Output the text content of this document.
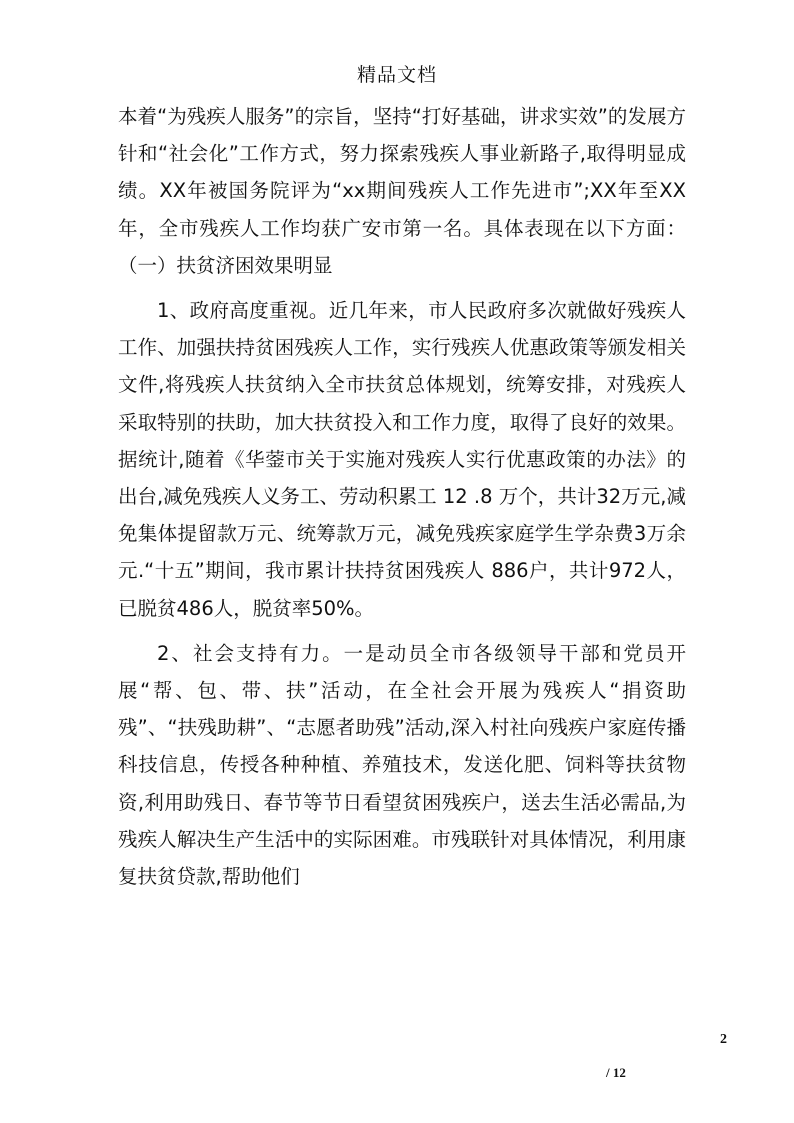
精品文档

本着“为残疾人服务”的宗旨，坚持“打好基础，讲求实效”的发展方针和“社会化”工作方式，努力探索残疾人事业新路子,取得明显成绩。XX年被国务院评为“xx期间残疾人工作先进市”;XX年至XX年，全市残疾人工作均获广安市第一名。具体表现在以下方面： （一）扶贫济困效果明显

1、政府高度重视。近几年来，市人民政府多次就做好残疾人工作、加强扶持贫困残疾人工作，实行残疾人优惠政策等颁发相关文件,将残疾人扶贫纳入全市扶贫总体规划，统筹安排，对残疾人采取特别的扶助，加大扶贫投入和工作力度，取得了良好的效果。据统计,随着《华蓥市关于实施对残疾人实行优惠政策的办法》的出台,减免残疾人义务工、劳动积累工 12 .8 万个，共计32万元,减免集体提留款万元、统筹款万元，减免残疾家庭学生学杂费3万余元.“十五”期间，我市累计扶持贫困残疾人 886户，共计972人，已脱贫486人，脱贫率50%。

2、社会支持有力。一是动员全市各级领导干部和党员开展“帮、包、带、扶”活动，在全社会开展为残疾人“捐资助残”、“扶残助耕”、“志愿者助残”活动,深入村社向残疾户家庭传播科技信息，传授各种种植、养殖技术，发送化肥、饲料等扶贫物资,利用助残日、春节等节日看望贫困残疾户，送去生活必需品,为残疾人解决生产生活中的实际困难。市残联针对具体情况，利用康复扶贫贷款,帮助他们

2
/ 12
